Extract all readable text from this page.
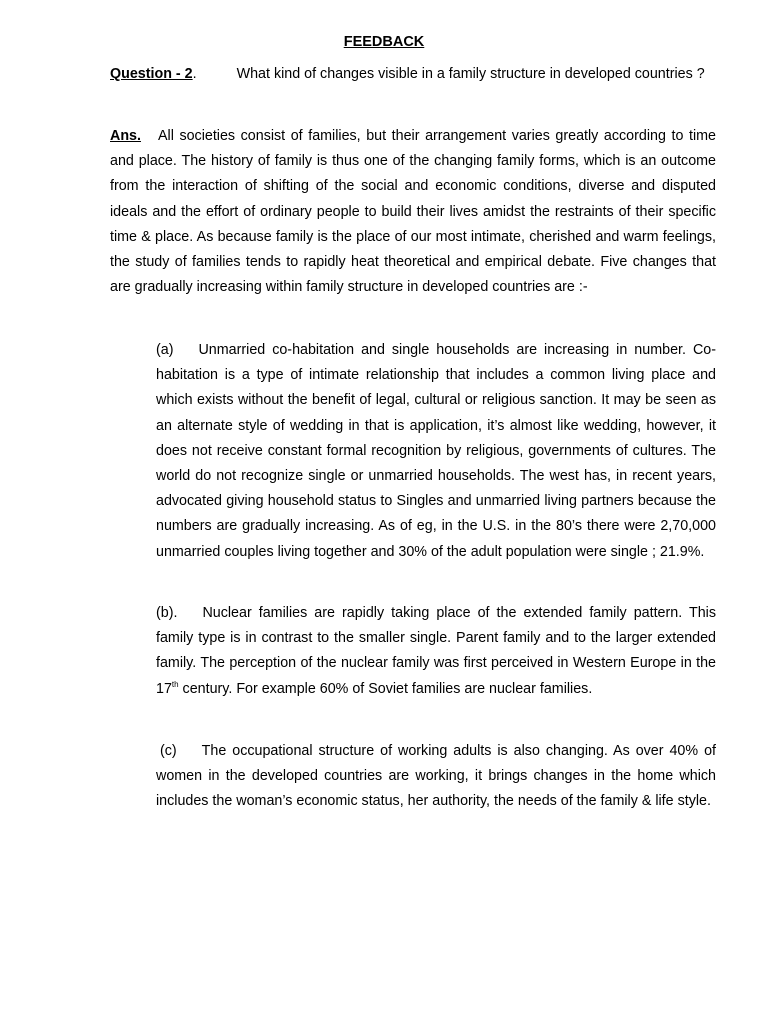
FEEDBACK
Question - 2.	What kind of changes visible in a family structure in developed countries ?
Ans. All societies consist of families, but their arrangement varies greatly according to time and place. The history of family is thus one of the changing family forms, which is an outcome from the interaction of shifting of the social and economic conditions, diverse and disputed ideals and the effort of ordinary people to build their lives amidst the restraints of their specific time & place. As because family is the place of our most intimate, cherished and warm feelings, the study of families tends to rapidly heat theoretical and empirical debate. Five changes that are gradually increasing within family structure in developed countries are :-
(a) Unmarried co-habitation and single households are increasing in number. Co-habitation is a type of intimate relationship that includes a common living place and which exists without the benefit of legal, cultural or religious sanction. It may be seen as an alternate style of wedding in that is application, it’s almost like wedding, however, it does not receive constant formal recognition by religious, governments of cultures. The world do not recognize single or unmarried households. The west has, in recent years, advocated giving household status to Singles and unmarried living partners because the numbers are gradually increasing. As of eg, in the U.S. in the 80’s there were 2,70,000 unmarried couples living together and 30% of the adult population were single ; 21.9%.
(b). Nuclear families are rapidly taking place of the extended family pattern. This family type is in contrast to the smaller single. Parent family and to the larger extended family. The perception of the nuclear family was first perceived in Western Europe in the 17th century. For example 60% of Soviet families are nuclear families.
(c) The occupational structure of working adults is also changing. As over 40% of women in the developed countries are working, it brings changes in the home which includes the woman’s economic status, her authority, the needs of the family & life style.
